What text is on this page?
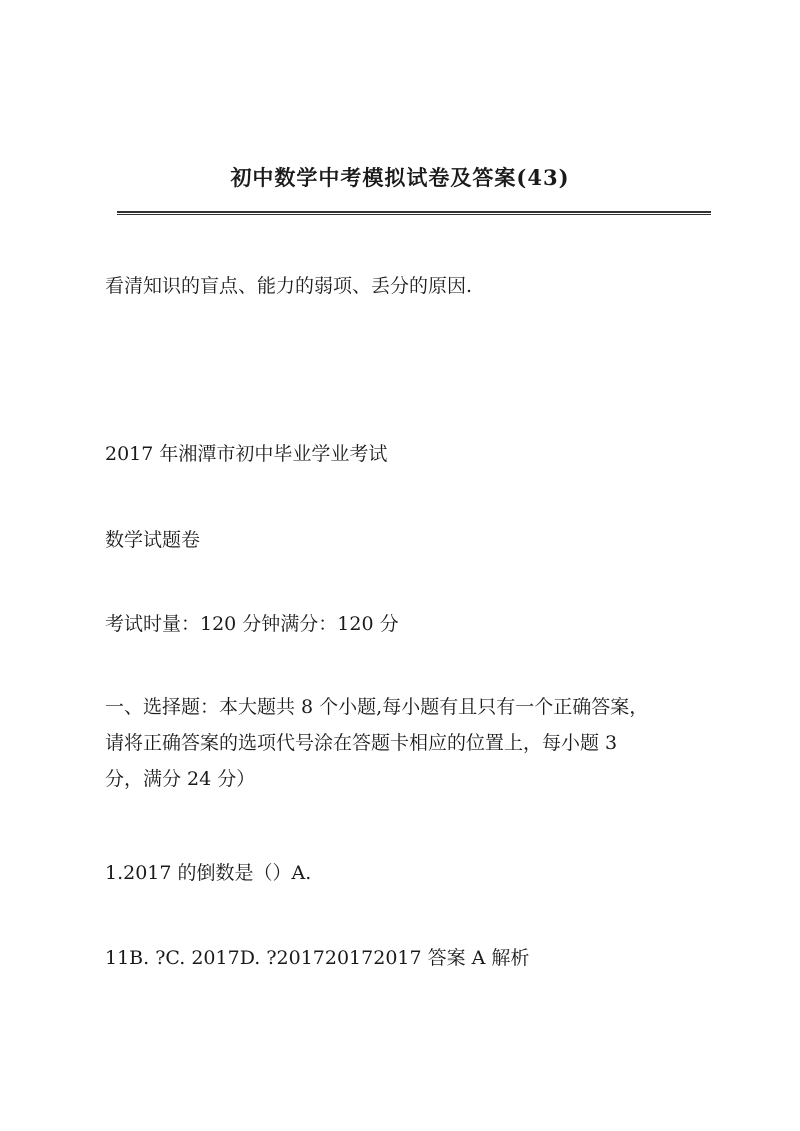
初中数学中考模拟试卷及答案(43)
看清知识的盲点、能力的弱项、丢分的原因.
2017 年湘潭市初中毕业学业考试
数学试题卷
考试时量：120 分钟满分：120 分
一、选择题：本大题共 8 个小题,每小题有且只有一个正确答案，
请将正确答案的选项代号涂在答题卡相应的位置上，每小题 3
分，满分 24 分）
1.2017 的倒数是（）A.
11B. ?C. 2017D. ?201720172017 答案 A 解析
